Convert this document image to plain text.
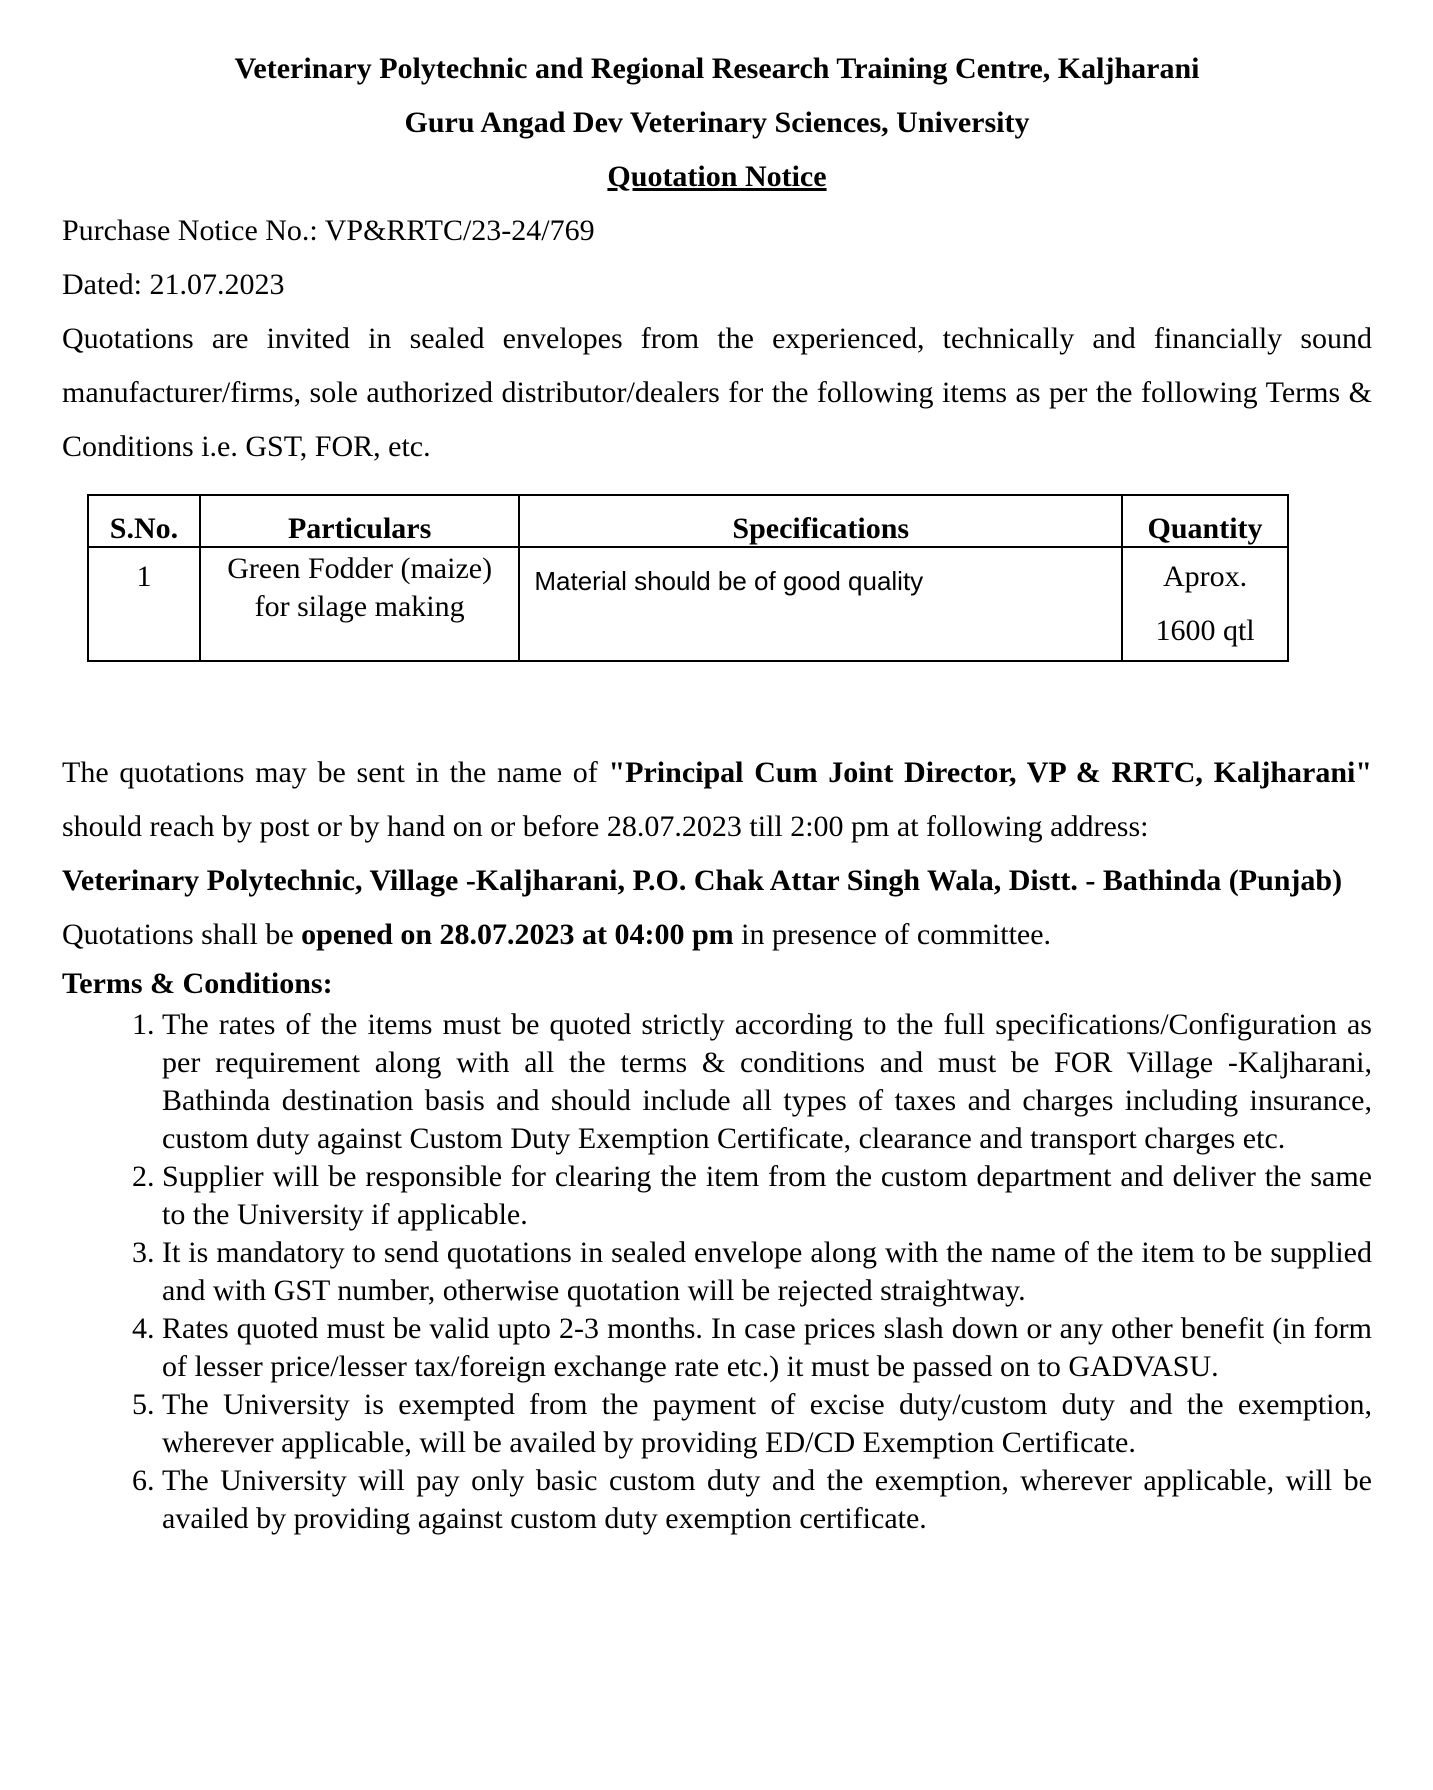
Veterinary Polytechnic and Regional Research Training Centre, Kaljharani
Guru Angad Dev Veterinary Sciences, University
Quotation Notice
Purchase Notice No.: VP&RRTC/23-24/769
Dated: 21.07.2023
Quotations are invited in sealed envelopes from the experienced, technically and financially sound manufacturer/firms, sole authorized distributor/dealers for the following items as per the following Terms & Conditions i.e. GST, FOR, etc.
S.No.	Particulars	Specifications	Quantity
1	Green Fodder (maize) for silage making	Material should be of good quality	Aprox.
1600 qtl
The quotations may be sent in the name of "Principal Cum Joint Director, VP & RRTC, Kaljharani" should reach by post or by hand on or before 28.07.2023 till 2:00 pm at following address:
Veterinary Polytechnic, Village -Kaljharani, P.O. Chak Attar Singh Wala, Distt. - Bathinda (Punjab)
Quotations shall be opened on 28.07.2023 at 04:00 pm in presence of committee.
Terms & Conditions:
1. The rates of the items must be quoted strictly according to the full specifications/Configuration as per requirement along with all the terms & conditions and must be FOR Village -Kaljharani, Bathinda destination basis and should include all types of taxes and charges including insurance, custom duty against Custom Duty Exemption Certificate, clearance and transport charges etc.
2. Supplier will be responsible for clearing the item from the custom department and deliver the same to the University if applicable.
3. It is mandatory to send quotations in sealed envelope along with the name of the item to be supplied and with GST number, otherwise quotation will be rejected straightway.
4. Rates quoted must be valid upto 2-3 months. In case prices slash down or any other benefit (in form of lesser price/lesser tax/foreign exchange rate etc.) it must be passed on to GADVASU.
5. The University is exempted from the payment of excise duty/custom duty and the exemption, wherever applicable, will be availed by providing ED/CD Exemption Certificate.
6. The University will pay only basic custom duty and the exemption, wherever applicable, will be availed by providing against custom duty exemption certificate.
